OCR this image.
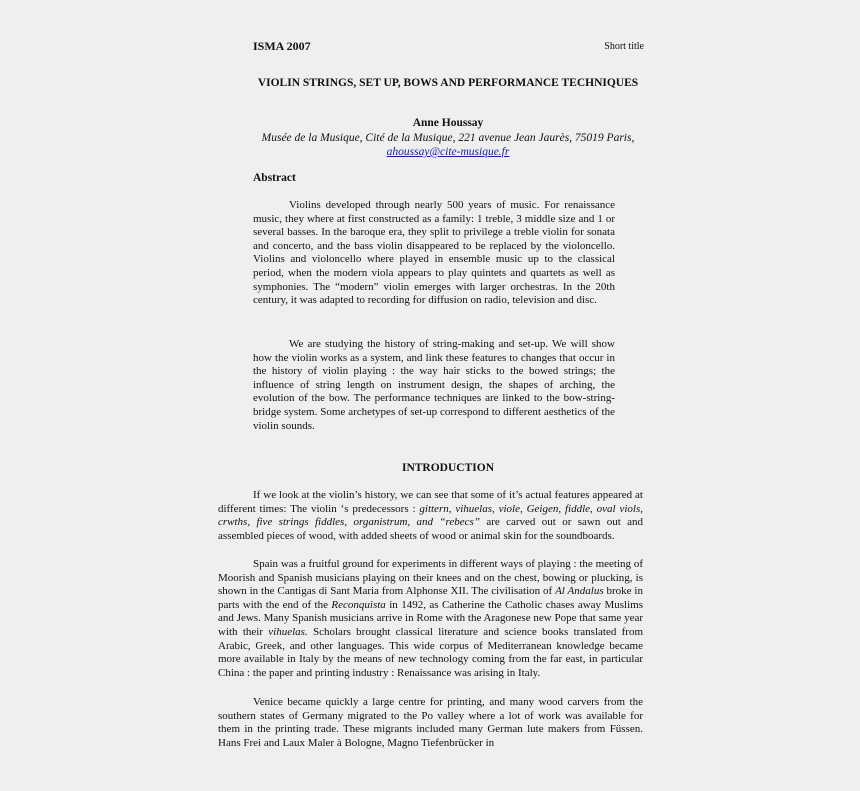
ISMA 2007	Short title
VIOLIN STRINGS, SET UP, BOWS AND PERFORMANCE TECHNIQUES
Anne Houssay
Musée de la Musique, Cité de la Musique, 221 avenue Jean Jaurès, 75019 Paris,
ahoussay@cite-musique.fr
Abstract

Violins developed through nearly 500 years of music. For renaissance music, they where at first constructed as a family: 1 treble, 3 middle size and 1 or several basses. In the baroque era, they split to privilege a treble violin for sonata and concerto, and the bass violin disappeared to be replaced by the violoncello. Violins and violoncello where played in ensemble music up to the classical period, when the modern viola appears to play quintets and quartets as well as symphonies. The “modern” violin emerges with larger orchestras. In the 20th century, it was adapted to recording for diffusion on radio, television and disc.

We are studying the history of string-making and set-up. We will show how the violin works as a system, and link these features to changes that occur in the history of violin playing : the way hair sticks to the bowed strings; the influence of string length on instrument design, the shapes of arching, the evolution of the bow. The performance techniques are linked to the bow-string-bridge system. Some archetypes of set-up correspond to different aesthetics of the violin sounds.

INTRODUCTION

If we look at the violin’s history, we can see that some of it’s actual features appeared at different times: The violin ‘s predecessors : gittern, vihuelas, viole, Geigen, fiddle, oval viols, crwths, five strings fiddles, organistrum, and “rebecs” are carved out or sawn out and assembled pieces of wood, with added sheets of wood or animal skin for the soundboards.

Spain was a fruitful ground for experiments in different ways of playing : the meeting of Moorish and Spanish musicians playing on their knees and on the chest, bowing or plucking, is shown in the Cantigas di Sant Maria from Alphonse XII. The civilisation of Al Andalus broke in parts with the end of the Reconquista in 1492, as Catherine the Catholic chases away Muslims and Jews. Many Spanish musicians arrive in Rome with the Aragonese new Pope that same year with their vihuelas. Scholars brought classical literature and science books translated from Arabic, Greek, and other languages. This wide corpus of Mediterranean knowledge became more available in Italy by the means of new technology coming from the far east, in particular China : the paper and printing industry : Renaissance was arising in Italy.

Venice became quickly a large centre for printing, and many wood carvers from the southern states of Germany migrated to the Po valley where a lot of work was available for them in the printing trade. These migrants included many German lute makers from Füssen. Hans Frei and Laux Maler à Bologne, Magno Tiefenbrücker in
